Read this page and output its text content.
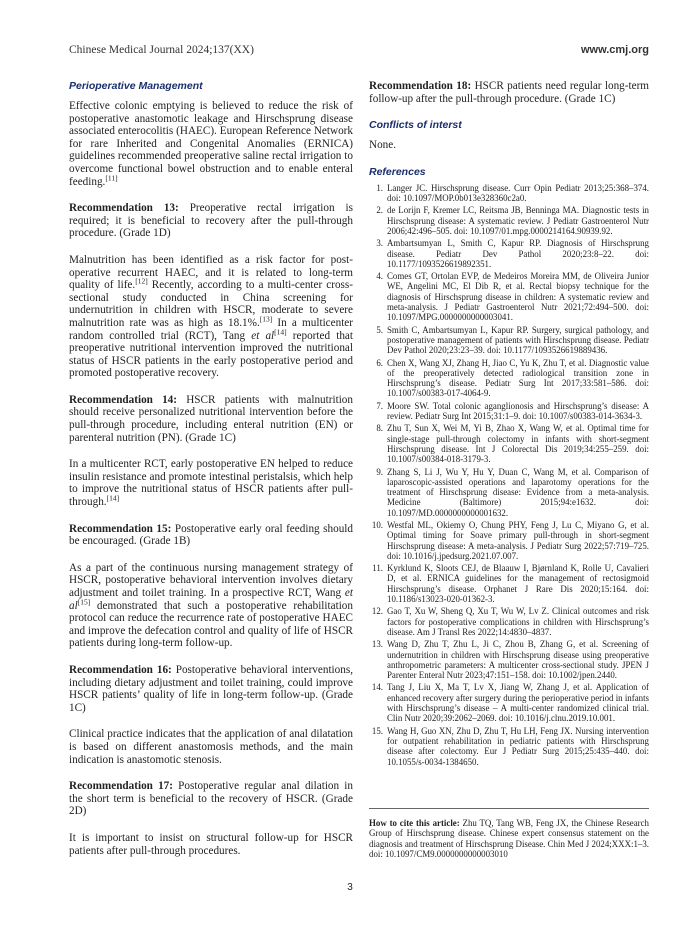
Chinese Medical Journal 2024;137(XX)	www.cmj.org
Perioperative Management

Effective colonic emptying is believed to reduce the risk of postoperative anastomotic leakage and Hirschsprung disease associated enterocolitis (HAEC). European Reference Network for rare Inherited and Congenital Anomalies (ERNICA) guidelines recommended preoperative saline rectal irrigation to overcome functional bowel obstruction and to enable enteral feeding.[11]

Recommendation 13: Preoperative rectal irrigation is required; it is beneficial to recovery after the pull-through procedure. (Grade 1D)

Malnutrition has been identified as a risk factor for post-operative recurrent HAEC, and it is related to long-term quality of life.[12] Recently, according to a multi-center cross-sectional study conducted in China screening for undernutrition in children with HSCR, moderate to severe malnutrition rate was as high as 18.1%.[13] In a multicenter random controlled trial (RCT), Tang et al[14] reported that preoperative nutritional intervention improved the nutritional status of HSCR patients in the early postoperative period and promoted postoperative recovery.

Recommendation 14: HSCR patients with malnutrition should receive personalized nutritional intervention before the pull-through procedure, including enteral nutrition (EN) or parenteral nutrition (PN). (Grade 1C)

In a multicenter RCT, early postoperative EN helped to reduce insulin resistance and promote intestinal peristalsis, which help to improve the nutritional status of HSCR patients after pull-through.[14]

Recommendation 15: Postoperative early oral feeding should be encouraged. (Grade 1B)

As a part of the continuous nursing management strategy of HSCR, postoperative behavioral intervention involves dietary adjustment and toilet training. In a prospective RCT, Wang et al[15] demonstrated that such a postoperative rehabilitation protocol can reduce the recurrence rate of postoperative HAEC and improve the defecation control and quality of life of HSCR patients during long-term follow-up.

Recommendation 16: Postoperative behavioral interventions, including dietary adjustment and toilet training, could improve HSCR patients’ quality of life in long-term follow-up. (Grade 1C)

Clinical practice indicates that the application of anal dilatation is based on different anastomosis methods, and the main indication is anastomotic stenosis.

Recommendation 17: Postoperative regular anal dilation in the short term is beneficial to the recovery of HSCR. (Grade 2D)

It is important to insist on structural follow-up for HSCR patients after pull-through procedures.

Recommendation 18: HSCR patients need regular long-term follow-up after the pull-through procedure. (Grade 1C)

Conflicts of interst

None.

References
1. Langer JC. Hirschsprung disease. Curr Opin Pediatr 2013;25:368–374. doi: 10.1097/MOP.0b013e328360c2a0.
2. de Lorijn F, Kremer LC, Reitsma JB, Benninga MA. Diagnostic tests in Hirschsprung disease: A systematic review. J Pediatr Gastroenterol Nutr 2006;42:496–505. doi: 10.1097/01.mpg.0000214164.90939.92.
3. Ambartsumyan L, Smith C, Kapur RP. Diagnosis of Hirschsprung disease. Pediatr Dev Pathol 2020;23:8–22. doi: 10.1177/1093526619892351.
4. Comes GT, Ortolan EVP, de Medeiros Moreira MM, de Oliveira Junior WE, Angelini MC, El Dib R, et al. Rectal biopsy technique for the diagnosis of Hirschsprung disease in children: A systematic review and meta-analysis. J Pediatr Gastroenterol Nutr 2021;72:494–500. doi: 10.1097/MPG.0000000000003041.
5. Smith C, Ambartsumyan L, Kapur RP. Surgery, surgical pathology, and postoperative management of patients with Hirschsprung disease. Pediatr Dev Pathol 2020;23:23–39. doi: 10.1177/1093526619889436.
6. Chen X, Wang XJ, Zhang H, Jiao C, Yu K, Zhu T, et al. Diagnostic value of the preoperatively detected radiological transition zone in Hirschsprung’s disease. Pediatr Surg Int 2017;33:581–586. doi: 10.1007/s00383-017-4064-9.
7. Moore SW. Total colonic aganglionosis and Hirschsprung’s disease: A review. Pediatr Surg Int 2015;31:1–9. doi: 10.1007/s00383-014-3634-3.
8. Zhu T, Sun X, Wei M, Yi B, Zhao X, Wang W, et al. Optimal time for single-stage pull-through colectomy in infants with short-segment Hirschsprung disease. Int J Colorectal Dis 2019;34:255–259. doi: 10.1007/s00384-018-3179-3.
9. Zhang S, Li J, Wu Y, Hu Y, Duan C, Wang M, et al. Comparison of laparoscopic-assisted operations and laparotomy operations for the treatment of Hirschsprung disease: Evidence from a meta-analysis. Medicine (Baltimore) 2015;94:e1632. doi: 10.1097/MD.0000000000001632.
10. Westfal ML, Okiemy O, Chung PHY, Feng J, Lu C, Miyano G, et al. Optimal timing for Soave primary pull-through in short-segment Hirschsprung disease: A meta-analysis. J Pediatr Surg 2022;57:719–725. doi: 10.1016/j.jpedsurg.2021.07.007.
11. Kyrklund K, Sloots CEJ, de Blaauw I, Bjørnland K, Rolle U, Cavalieri D, et al. ERNICA guidelines for the management of rectosigmoid Hirschsprung’s disease. Orphanet J Rare Dis 2020;15:164. doi: 10.1186/s13023-020-01362-3.
12. Gao T, Xu W, Sheng Q, Xu T, Wu W, Lv Z. Clinical outcomes and risk factors for postoperative complications in children with Hirschsprung’s disease. Am J Transl Res 2022;14:4830–4837.
13. Wang D, Zhu T, Zhu L, Ji C, Zhou B, Zhang G, et al. Screening of undernutrition in children with Hirschsprung disease using preoperative anthropometric parameters: A multicenter cross-sectional study. JPEN J Parenter Enteral Nutr 2023;47:151–158. doi: 10.1002/jpen.2440.
14. Tang J, Liu X, Ma T, Lv X, Jiang W, Zhang J, et al. Application of enhanced recovery after surgery during the perioperative period in infants with Hirschsprung’s disease – A multi-center randomized clinical trial. Clin Nutr 2020;39:2062–2069. doi: 10.1016/j.clnu.2019.10.001.
15. Wang H, Guo XN, Zhu D, Zhu T, Hu LH, Feng JX. Nursing intervention for outpatient rehabilitation in pediatric patients with Hirschsprung disease after colectomy. Eur J Pediatr Surg 2015;25:435–440. doi: 10.1055/s-0034-1384650.
How to cite this article: Zhu TQ, Tang WB, Feng JX, the Chinese Research Group of Hirschsprung disease. Chinese expert consensus statement on the diagnosis and treatment of Hirschsprung Disease. Chin Med J 2024;XXX:1–3. doi: 10.1097/CM9.0000000000003010
3
